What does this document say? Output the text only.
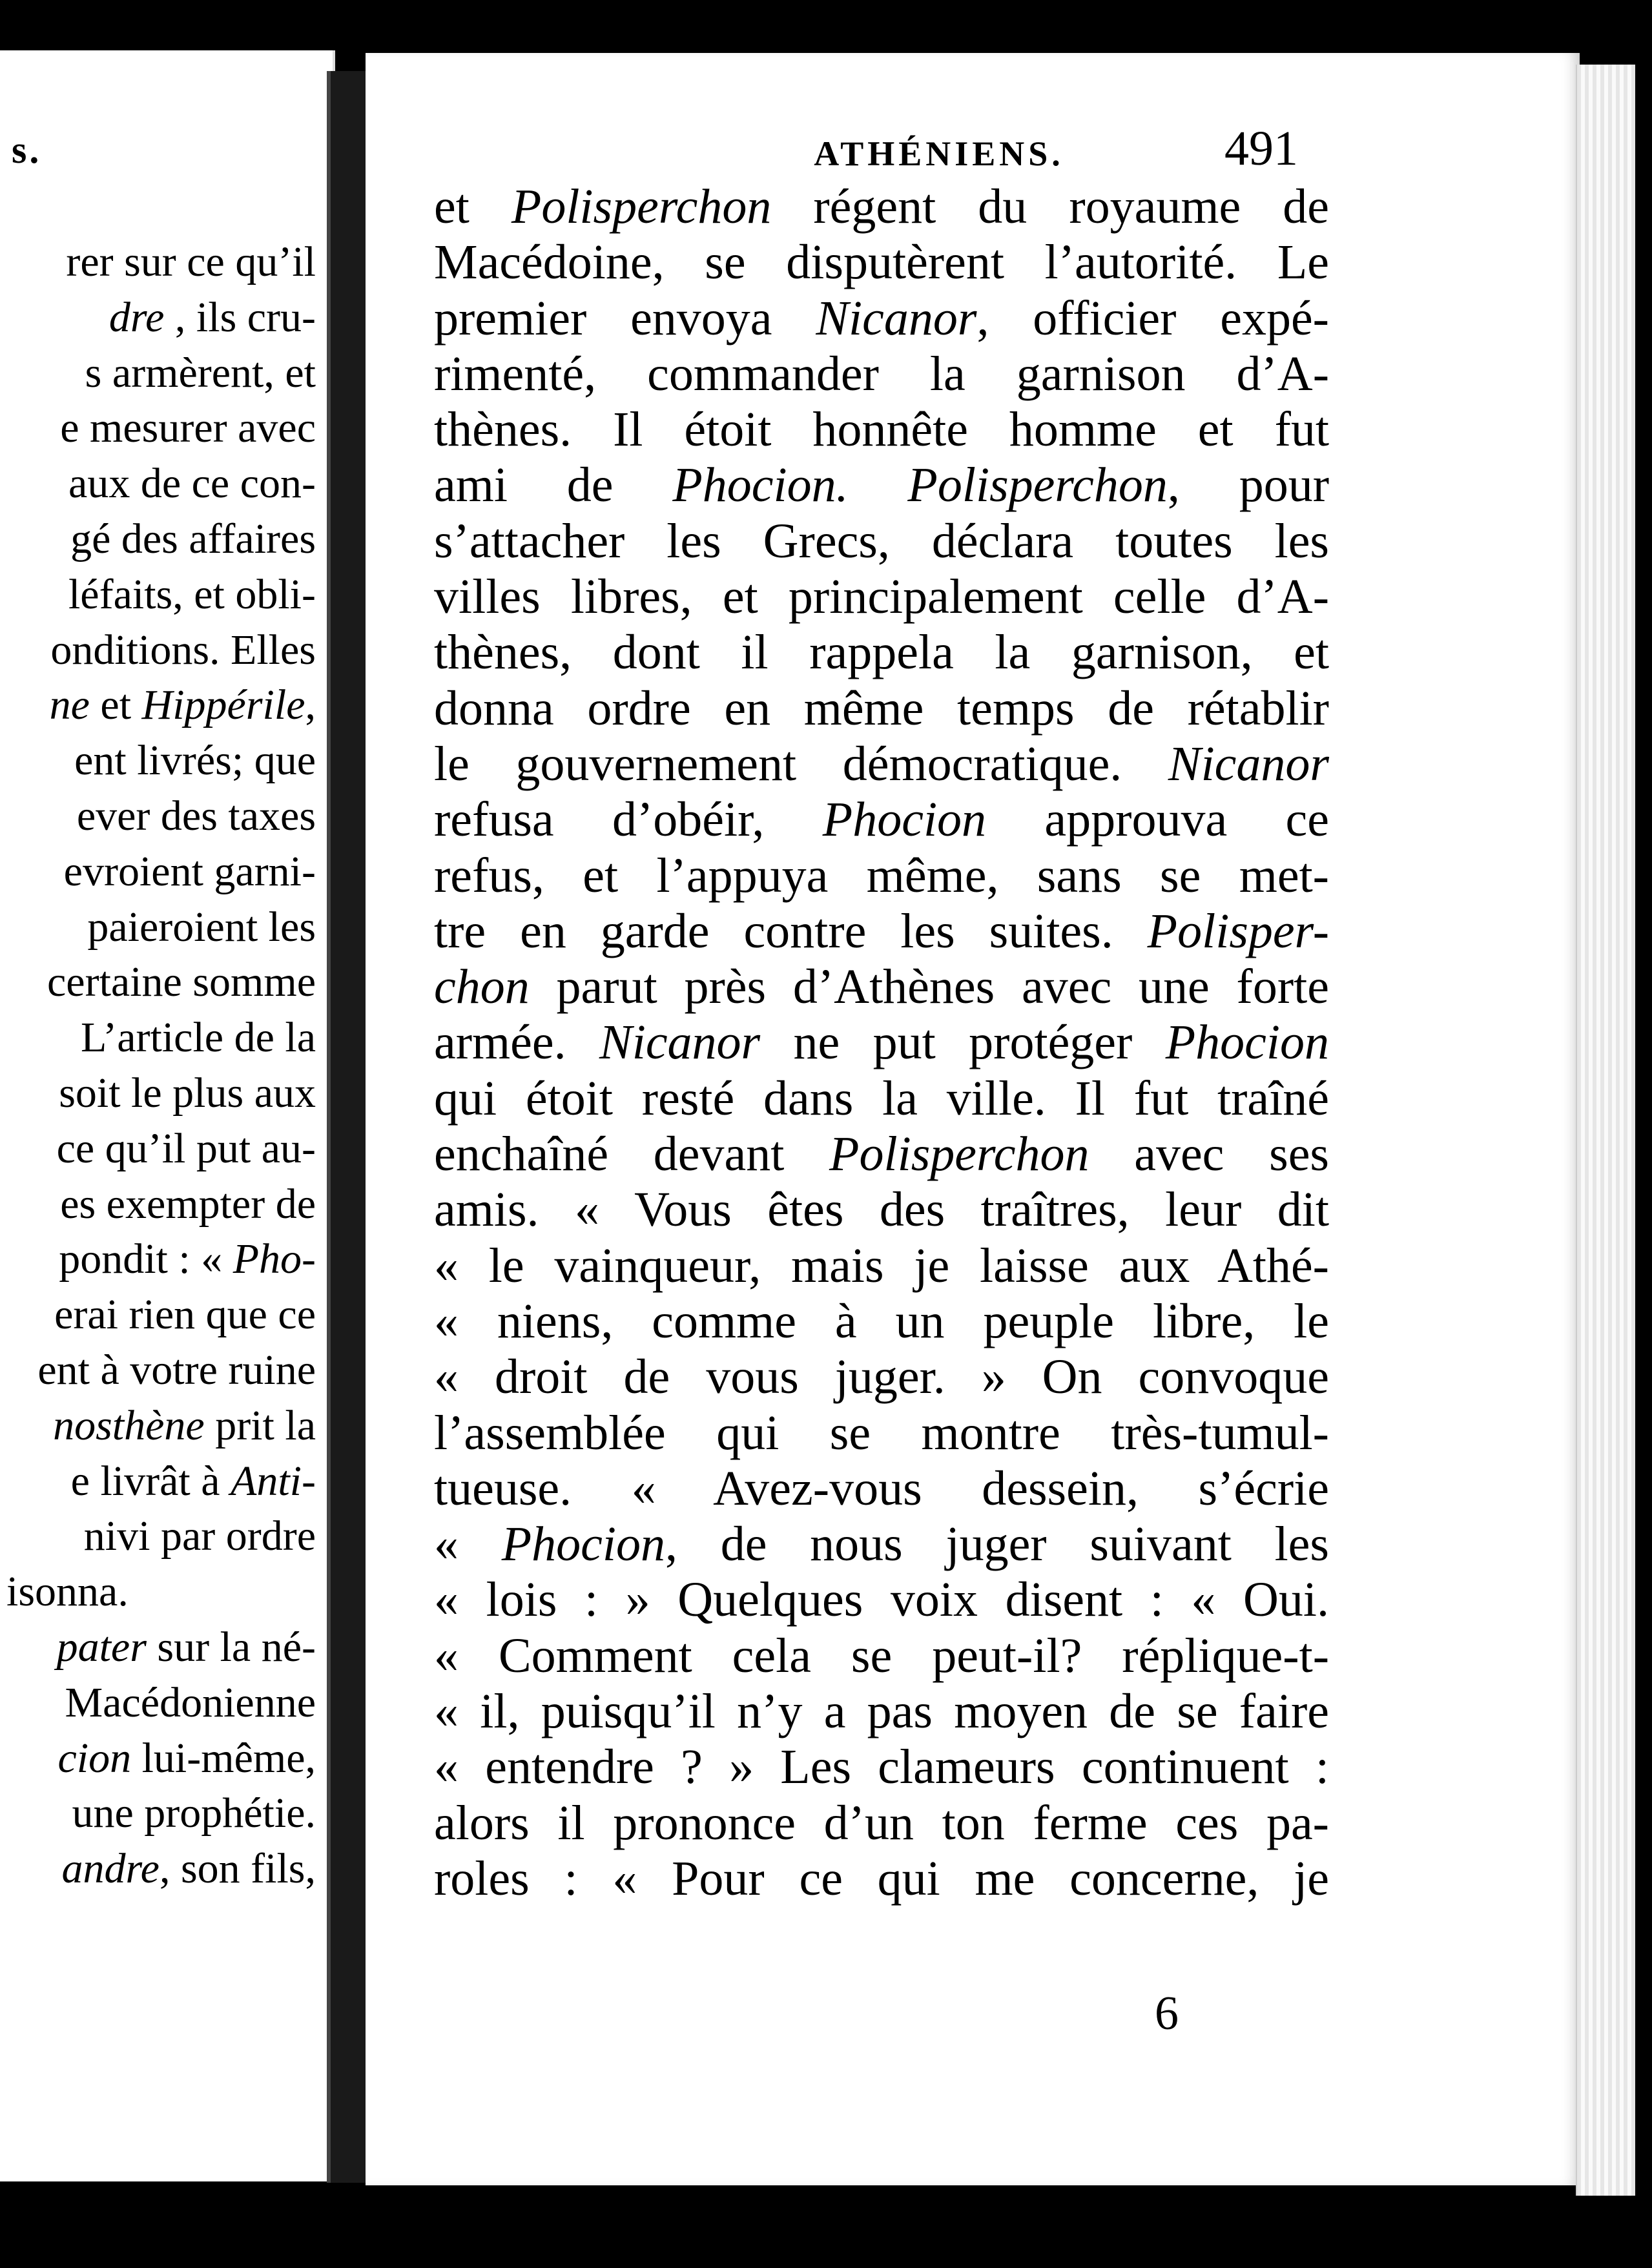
s.
rer sur ce qu’il
dre , ils cru-
s armèrent, et
e mesurer avec
aux de ce con-
gé des affaires
léfaits, et obli-
onditions. Elles
ne et Hippérile,
ent livrés; que
ever des taxes
evroient garni-
paieroient les
certaine somme
L’article de la
soit le plus aux
ce qu’il put au-
es exempter de
pondit : « Pho-
erai rien que ce
ent à votre ruine
nosthène prit la
e livrât à Anti-
nivi par ordre
isonna.
pater sur la né-
Macédonienne
cion lui-même,
une prophétie.
andre, son fils,
ATHÉNIENS.	491
et Polisperchon régent du royaume de
Macédoine, se disputèrent l’autorité. Le
premier envoya Nicanor, officier expé-
rimenté, commander la garnison d’A-
thènes. Il étoit honnête homme et fut
ami de Phocion. Polisperchon, pour
s’attacher les Grecs, déclara toutes les
villes libres, et principalement celle d’A-
thènes, dont il rappela la garnison, et
donna ordre en même temps de rétablir
le gouvernement démocratique. Nicanor
refusa d’obéir, Phocion approuva ce
refus, et l’appuya même, sans se met-
tre en garde contre les suites. Polisper-
chon parut près d’Athènes avec une forte
armée. Nicanor ne put protéger Phocion
qui étoit resté dans la ville. Il fut traîné
enchaîné devant Polisperchon avec ses
amis. « Vous êtes des traîtres, leur dit
« le vainqueur, mais je laisse aux Athé-
« niens, comme à un peuple libre, le
« droit de vous juger. » On convoque
l’assemblée qui se montre très-tumul-
tueuse. « Avez-vous dessein, s’écrie
« Phocion, de nous juger suivant les
« lois : » Quelques voix disent : « Oui.
« Comment cela se peut-il? réplique-t-
« il, puisqu’il n’y a pas moyen de se faire
« entendre ? » Les clameurs continuent :
alors il prononce d’un ton ferme ces pa-
roles : « Pour ce qui me concerne, je
6
